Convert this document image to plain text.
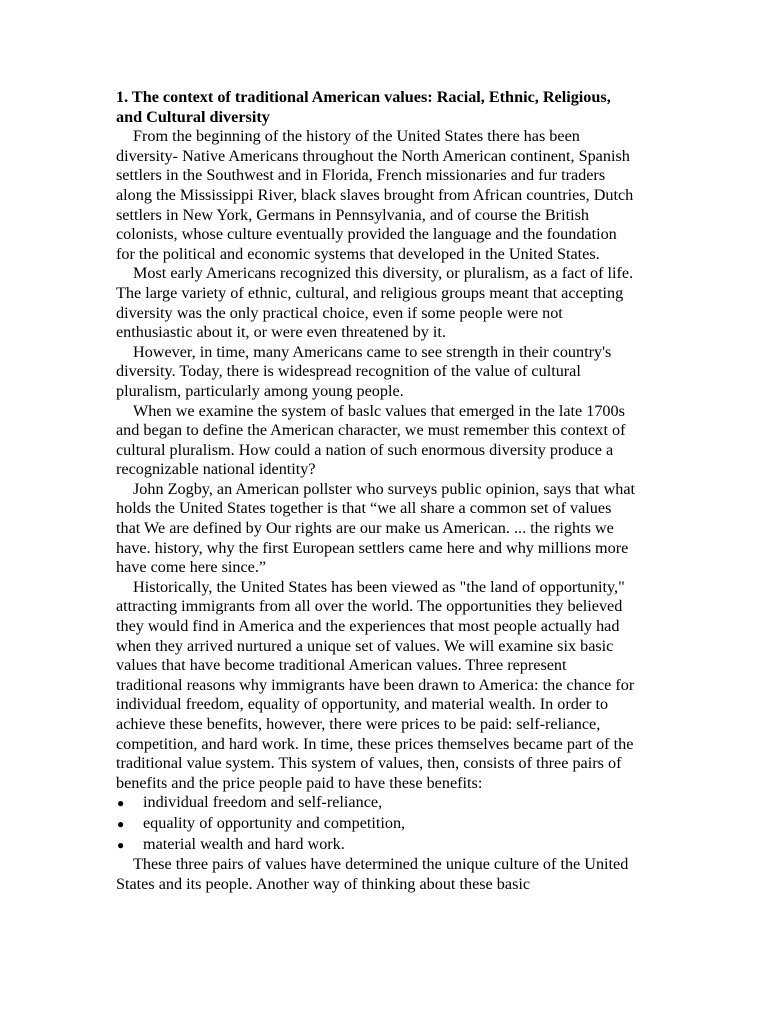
1. The context of traditional American values: Racial, Ethnic, Religious, and Cultural diversity

From the beginning of the history of the United States there has been diversity- Native Americans throughout the North American continent, Spanish settlers in the Southwest and in Florida, French missionaries and fur traders along the Mississippi River, black slaves brought from African countries, Dutch settlers in New York, Germans in Pennsylvania, and of course the British colonists, whose culture eventually provided the language and the foundation for the political and economic systems that developed in the United States.

Most early Americans recognized this diversity, or pluralism, as a fact of life. The large variety of ethnic, cultural, and religious groups meant that accepting diversity was the only practical choice, even if some people were not enthusiastic about it, or were even threatened by it.

However, in time, many Americans came to see strength in their country's diversity. Today, there is widespread recognition of the value of cultural pluralism, particularly among young people.

When we examine the system of baslc values that emerged in the late 1700s and began to define the American character, we must remember this context of cultural pluralism. How could a nation of such enormous diversity produce a recognizable national identity?

John Zogby, an American pollster who surveys public opinion, says that what holds the United States together is that “we all share a common set of values that We are defined by Our rights are our make us American. ... the rights we have. history, why the first European settlers came here and why millions more have come here since.”

Historically, the United States has been viewed as "the land of opportunity," attracting immigrants from all over the world. The opportunities they believed they would find in America and the experiences that most people actually had when they arrived nurtured a unique set of values. We will examine six basic values that have become traditional American values. Three represent traditional reasons why immigrants have been drawn to America: the chance for individual freedom, equality of opportunity, and material wealth. In order to achieve these benefits, however, there were prices to be paid: self-reliance, competition, and hard work. In time, these prices themselves became part of the traditional value system. This system of values, then, consists of three pairs of benefits and the price people paid to have these benefits:

●	individual freedom and self-reliance,
●	equality of opportunity and competition,
●	material wealth and hard work.

These three pairs of values have determined the unique culture of the United States and its people. Another way of thinking about these basic
